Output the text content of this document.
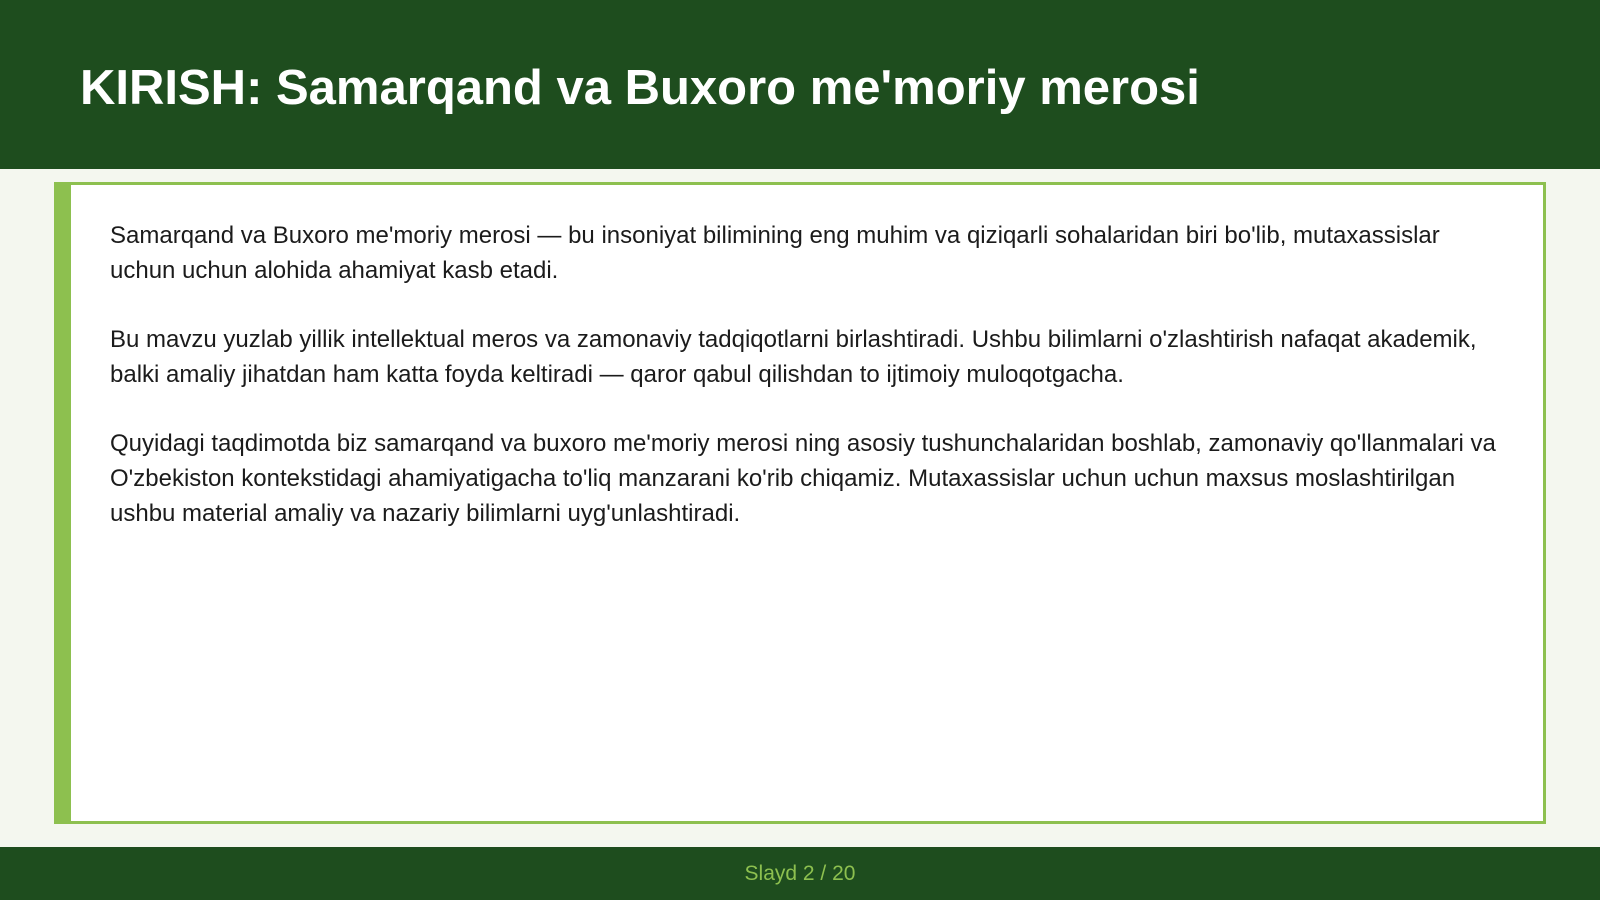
KIRISH: Samarqand va Buxoro me'moriy merosi

Samarqand va Buxoro me'moriy merosi — bu insoniyat bilimining eng muhim va qiziqarli sohalaridan biri bo'lib, mutaxassislar uchun uchun alohida ahamiyat kasb etadi.

Bu mavzu yuzlab yillik intellektual meros va zamonaviy tadqiqotlarni birlashtiradi. Ushbu bilimlarni o'zlashtirish nafaqat akademik, balki amaliy jihatdan ham katta foyda keltiradi — qaror qabul qilishdan to ijtimoiy muloqotgacha.

Quyidagi taqdimotda biz samarqand va buxoro me'moriy merosi ning asosiy tushunchalaridan boshlab, zamonaviy qo'llanmalari va O'zbekiston kontekstidagi ahamiyatigacha to'liq manzarani ko'rib chiqamiz. Mutaxassislar uchun uchun maxsus moslashtirilgan ushbu material amaliy va nazariy bilimlarni uyg'unlashtiradi.

Slayd 2 / 20
